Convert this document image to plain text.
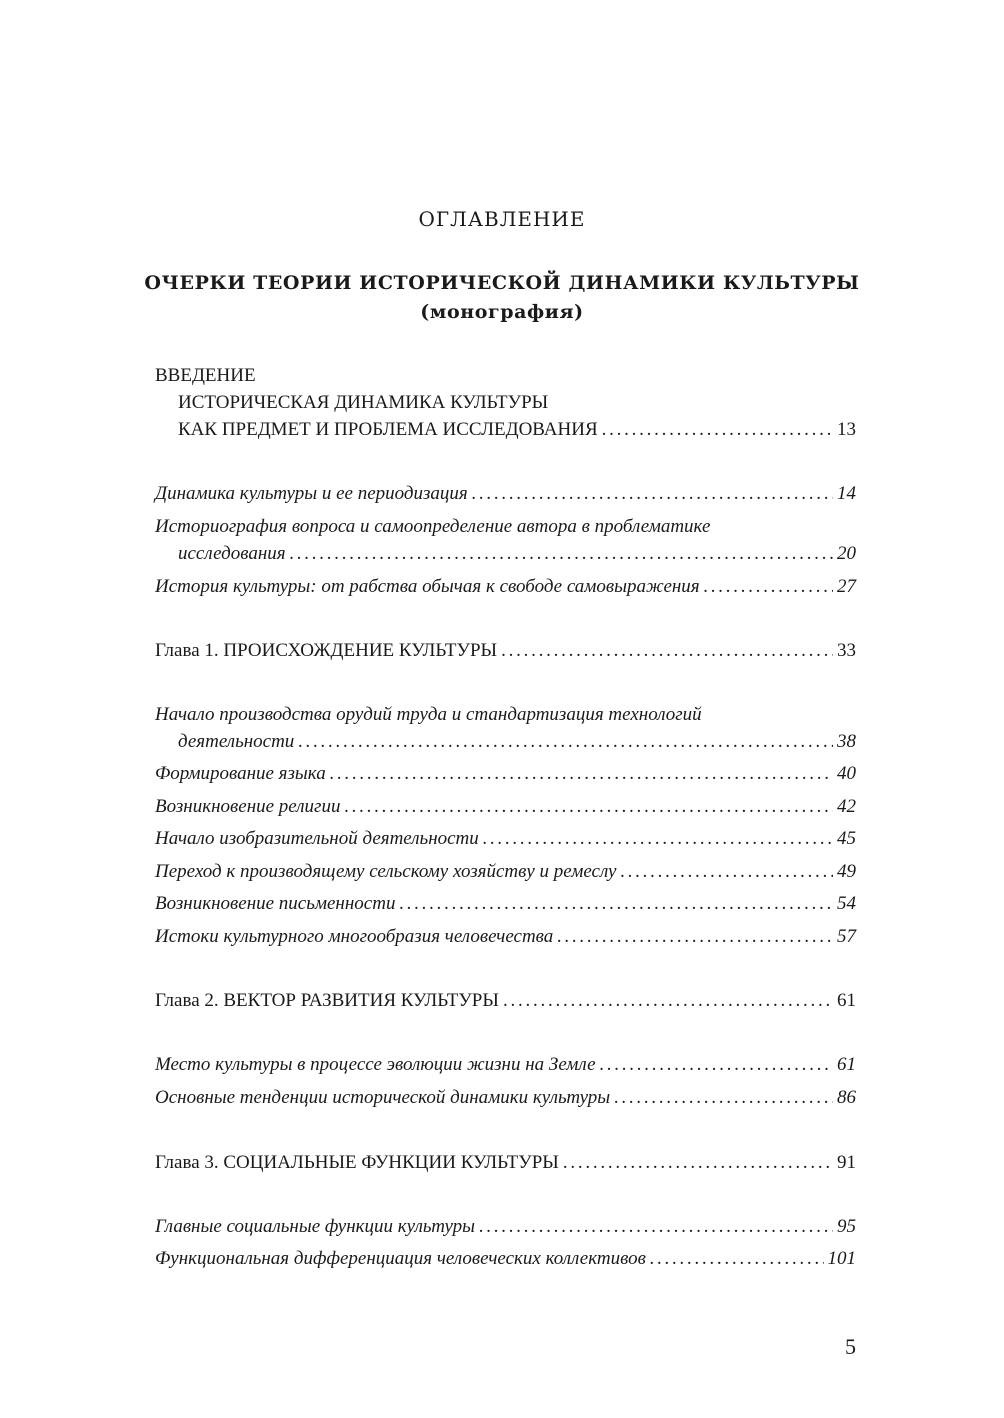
ОГЛАВЛЕНИЕ
ОЧЕРКИ ТЕОРИИ ИСТОРИЧЕСКОЙ ДИНАМИКИ КУЛЬТУРЫ
(монография)
ВВЕДЕНИЕ
ИСТОРИЧЕСКАЯ ДИНАМИКА КУЛЬТУРЫ
КАК ПРЕДМЕТ И ПРОБЛЕМА ИССЛЕДОВАНИЯ . . .	13
Динамика культуры и ее периодизация . . .	14
Историография вопроса и самоопределение автора в проблематике
исследования . . .	20
История культуры: от рабства обычая к свободе самовыражения . . .	27
Глава 1. ПРОИСХОЖДЕНИЕ КУЛЬТУРЫ . . .	33
Начало производства орудий труда и стандартизация технологий
деятельности . . .	38
Формирование языка . . .	40
Возникновение религии . . .	42
Начало изобразительной деятельности . . .	45
Переход к производящему сельскому хозяйству и ремеслу . . .	49
Возникновение письменности . . .	54
Истоки культурного многообразия человечества . . .	57
Глава 2. ВЕКТОР РАЗВИТИЯ КУЛЬТУРЫ . . .	61
Место культуры в процессе эволюции жизни на Земле . . .	61
Основные тенденции исторической динамики культуры . . .	86
Глава 3. СОЦИАЛЬНЫЕ ФУНКЦИИ КУЛЬТУРЫ . . .	91
Главные социальные функции культуры . . .	95
Функциональная дифференциация человеческих коллективов . . .	101
5
